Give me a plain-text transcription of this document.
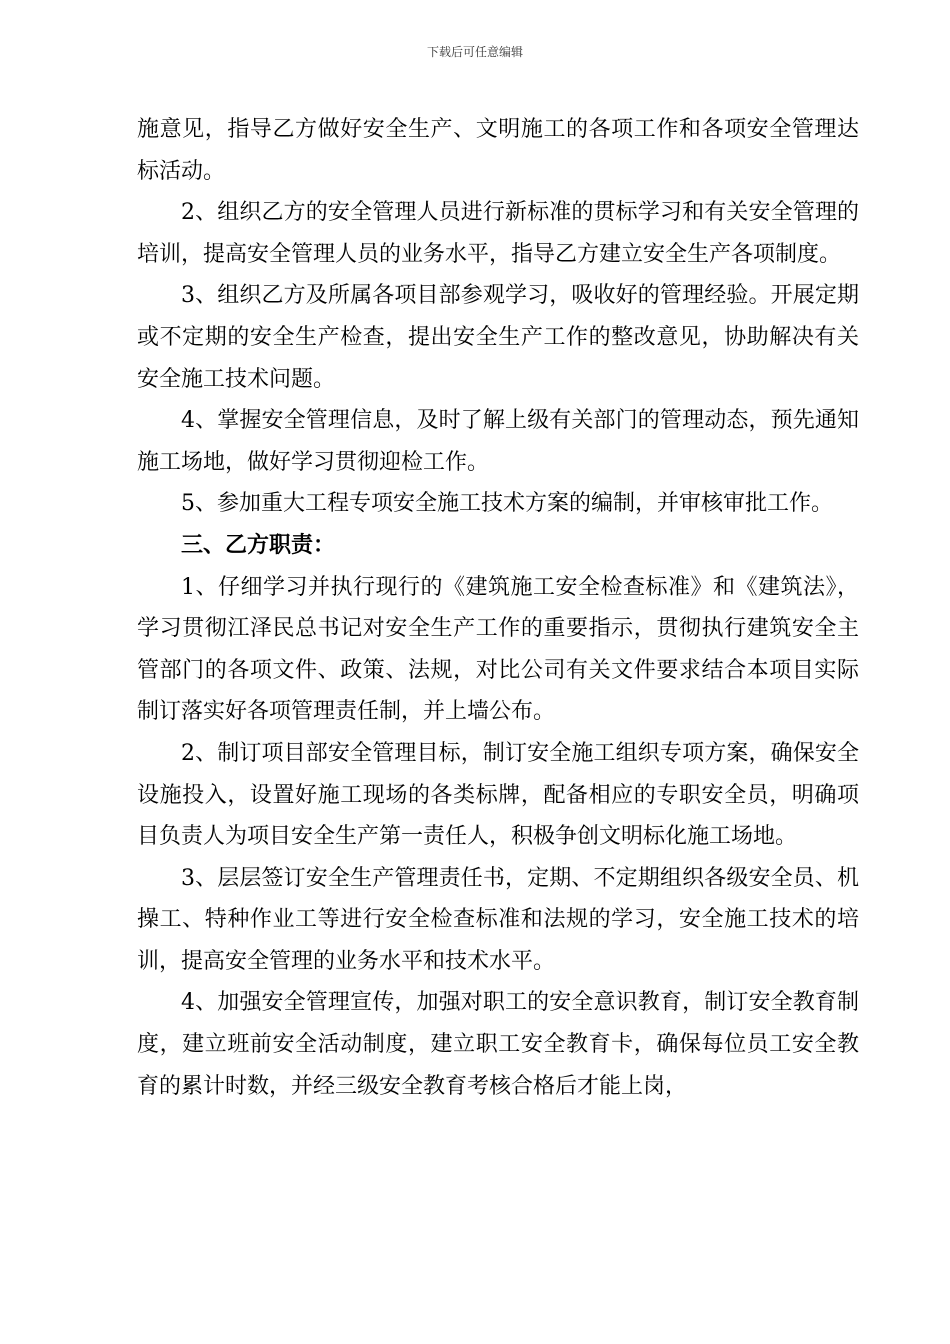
下载后可任意编辑

施意见，指导乙方做好安全生产、文明施工的各项工作和各项安全管理达标活动。

2、组织乙方的安全管理人员进行新标准的贯标学习和有关安全管理的培训，提高安全管理人员的业务水平，指导乙方建立安全生产各项制度。

3、组织乙方及所属各项目部参观学习，吸收好的管理经验。开展定期或不定期的安全生产检查，提出安全生产工作的整改意见，协助解决有关安全施工技术问题。

4、掌握安全管理信息，及时了解上级有关部门的管理动态，预先通知施工场地，做好学习贯彻迎检工作。

5、参加重大工程专项安全施工技术方案的编制，并审核审批工作。

三、乙方职责：

1、仔细学习并执行现行的《建筑施工安全检查标准》和《建筑法》，学习贯彻江泽民总书记对安全生产工作的重要指示，贯彻执行建筑安全主管部门的各项文件、政策、法规，对比公司有关文件要求结合本项目实际制订落实好各项管理责任制，并上墙公布。

2、制订项目部安全管理目标，制订安全施工组织专项方案，确保安全设施投入，设置好施工现场的各类标牌，配备相应的专职安全员，明确项目负责人为项目安全生产第一责任人，积极争创文明标化施工场地。

3、层层签订安全生产管理责任书，定期、不定期组织各级安全员、机操工、特种作业工等进行安全检查标准和法规的学习，安全施工技术的培训，提高安全管理的业务水平和技术水平。

4、加强安全管理宣传，加强对职工的安全意识教育，制订安全教育制度，建立班前安全活动制度，建立职工安全教育卡，确保每位员工安全教育的累计时数，并经三级安全教育考核合格后才能上岗，
